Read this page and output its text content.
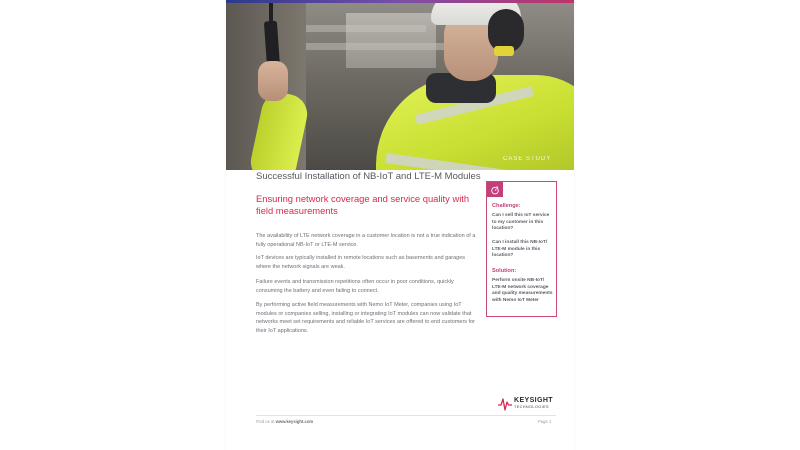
CASE STUDY
Successful Installation of NB-IoT and LTE-M Modules
Ensuring network coverage and service quality with field measurements
The availability of LTE network coverage in a customer location is not a true indication of a fully operational NB-IoT or LTE-M service.
IoT devices are typically installed in remote locations such as basements and garages where the network signals are weak.
Failure events and transmission repetitions often occur in poor conditions, quickly consuming the battery and even failing to connect.
By performing active field measurements with Nemo IoT Meter, companies using IoT modules or companies selling, installing or integrating IoT modules can now validate that networks meet set requirements and reliable IoT services are offered to end customers for their IoT applications.
Challenge:
Can I sell this IoT service to my customer in this location?
Can I install this NB-IoT/ LTE-M module in this location?
Solution:
Perform onsite NB-IoT/ LTE-M network coverage and quality measurements with Nemo IoT Meter
KEYSIGHT
TECHNOLOGIES
Find us at www.keysight.com	Page 1
